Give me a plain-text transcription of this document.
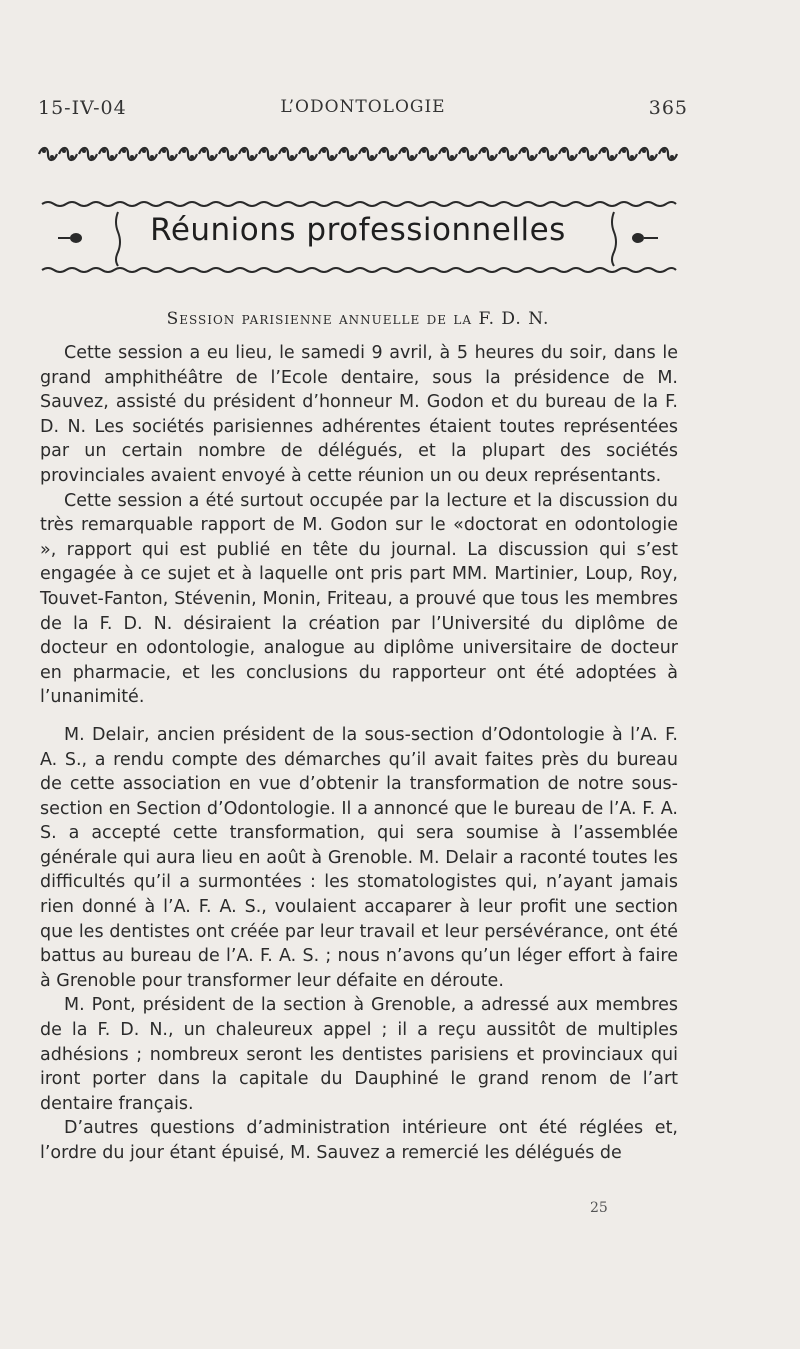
15-IV-04	L’ODONTOLOGIE	365
Réunions professionnelles
Session parisienne annuelle de la F. D. N.

Cette session a eu lieu, le samedi 9 avril, à 5 heures du soir, dans le grand amphithéâtre de l’Ecole dentaire, sous la présidence de M. Sauvez, assisté du président d’honneur M. Godon et du bureau de la F. D. N. Les sociétés parisiennes adhérentes étaient toutes représentées par un certain nombre de délégués, et la plupart des sociétés provinciales avaient envoyé à cette réunion un ou deux représentants.

Cette session a été surtout occupée par la lecture et la discussion du très remarquable rapport de M. Godon sur le «doctorat en odontologie », rapport qui est publié en tête du journal. La discussion qui s’est engagée à ce sujet et à laquelle ont pris part MM. Martinier, Loup, Roy, Touvet-Fanton, Stévenin, Monin, Friteau, a prouvé que tous les membres de la F. D. N. désiraient la création par l’Université du diplôme de docteur en odontologie, analogue au diplôme universitaire de docteur en pharmacie, et les conclusions du rapporteur ont été adoptées à l’unanimité.

M. Delair, ancien président de la sous-section d’Odontologie à l’A. F. A. S., a rendu compte des démarches qu’il avait faites près du bureau de cette association en vue d’obtenir la transformation de notre sous-section en Section d’Odontologie. Il a annoncé que le bureau de l’A. F. A. S. a accepté cette transformation, qui sera soumise à l’assemblée générale qui aura lieu en août à Grenoble. M. Delair a raconté toutes les difficultés qu’il a surmontées : les stomatologistes qui, n’ayant jamais rien donné à l’A. F. A. S., voulaient accaparer à leur profit une section que les dentistes ont créée par leur travail et leur persévérance, ont été battus au bureau de l’A. F. A. S. ; nous n’avons qu’un léger effort à faire à Grenoble pour transformer leur défaite en déroute.

M. Pont, président de la section à Grenoble, a adressé aux membres de la F. D. N., un chaleureux appel ; il a reçu aussitôt de multiples adhésions ; nombreux seront les dentistes parisiens et provinciaux qui iront porter dans la capitale du Dauphiné le grand renom de l’art dentaire français.

D’autres questions d’administration intérieure ont été réglées et, l’ordre du jour étant épuisé, M. Sauvez a remercié les délégués de

25
